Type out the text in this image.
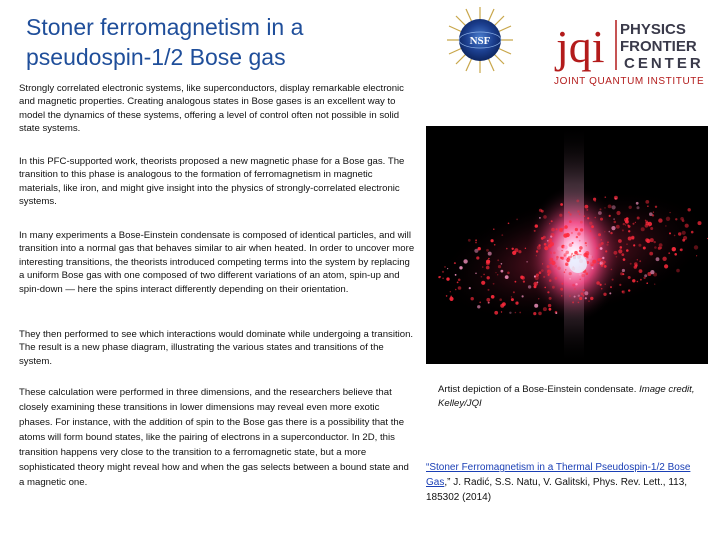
Stoner ferromagnetism in a pseudospin-1/2 Bose gas
NSF jqi PHYSICS
FRONTIER
CENTER
JOINT QUANTUM INSTITUTE

Strongly correlated electronic systems, like superconductors, display remarkable electronic and magnetic properties. Creating analogous states in Bose gases is an excellent way to model the dynamics of these systems, offering a level of control often not possible in solid state systems.

In this PFC-supported work, theorists proposed a new magnetic phase for a Bose gas. The transition to this phase is analogous to the formation of ferromagnetism in magnetic materials, like iron, and might give insight into the physics of strongly-correlated electronic systems.

In many experiments a Bose-Einstein condensate is composed of identical particles, and will transition into a normal gas that behaves similar to air when heated. In order to uncover more interesting transitions, the theorists introduced competing terms into the system by replacing a uniform Bose gas with one composed of two different variations of an atom, spin-up and spin-down — here the spins interact differently depending on their orientation.

They then performed to see which interactions would dominate while undergoing a transition. The result is a new phase diagram, illustrating the various states and transitions of the system.

These calculation were performed in three dimensions, and the researchers believe that closely examining these transitions in lower dimensions may reveal even more exotic phases. For instance, with the addition of spin to the Bose gas there is a possibility that the atoms will form bound states, like the pairing of electrons in a superconductor. In 2D, this transition happens very close to the transition to a ferromagnetic state, but a more sophisticated theory might reveal how and when the gas selects between a bound state and a magnetic one.

Artist depiction of a Bose-Einstein condensate. Image credit, Kelley/JQI
“Stoner Ferromagnetism in a Thermal Pseudospin-1/2 Bose Gas,” J. Radić, S.S. Natu, V. Galitski, Phys. Rev. Lett., 113, 185302 (2014)
